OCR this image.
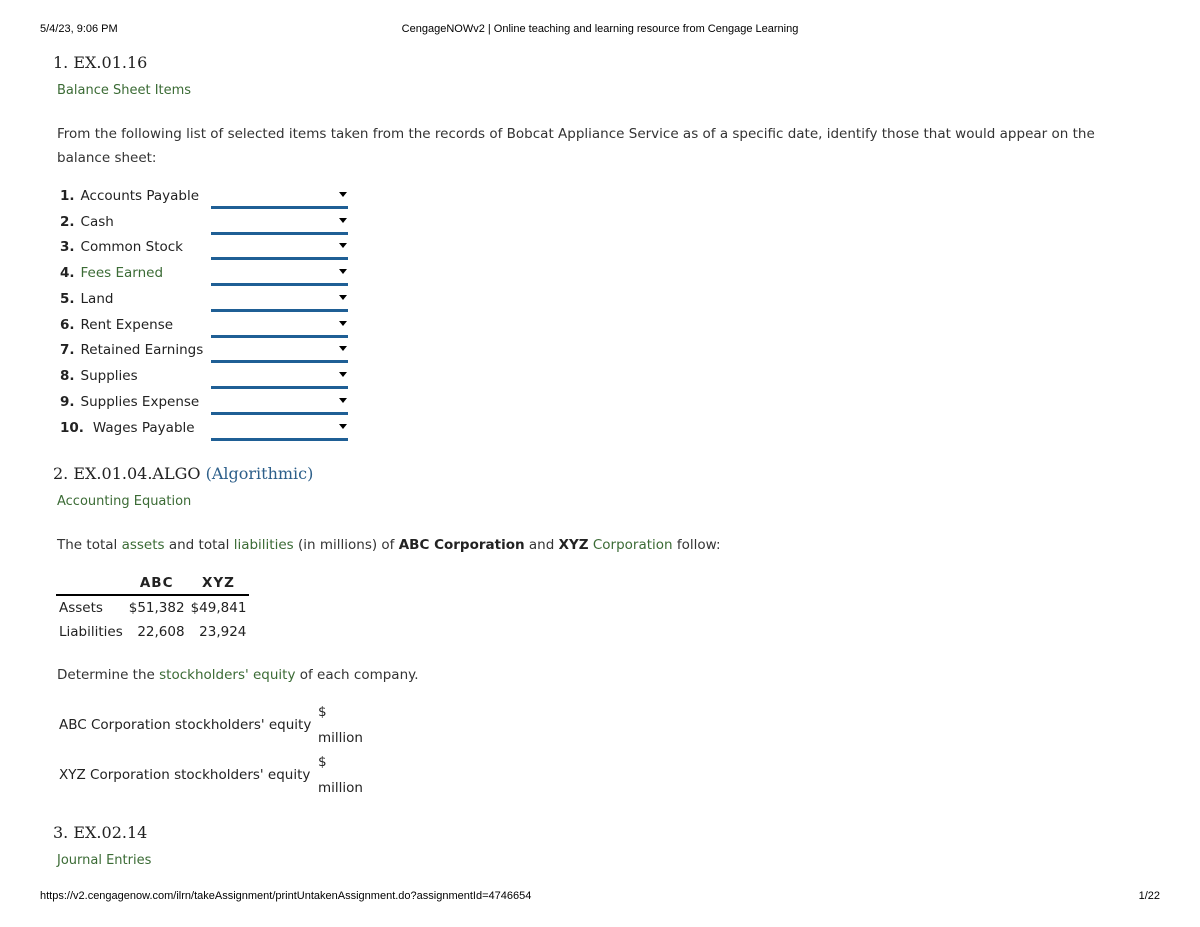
5/4/23, 9:06 PM	CengageNOWv2 | Online teaching and learning resource from Cengage Learning
1. EX.01.16
Balance Sheet Items
From the following list of selected items taken from the records of Bobcat Appliance Service as of a specific date, identify those that would appear on the balance sheet:
1. Accounts Payable
2. Cash
3. Common Stock
4. Fees Earned
5. Land
6. Rent Expense
7. Retained Earnings
8. Supplies
9. Supplies Expense
10. Wages Payable
2. EX.01.04.ALGO (Algorithmic)
Accounting Equation
The total assets and total liabilities (in millions) of ABC Corporation and XYZ Corporation follow:
	ABC	XYZ
Assets	$51,382	$49,841
Liabilities	22,608	23,924
Determine the stockholders' equity of each company.
ABC Corporation stockholders' equity
$
million
XYZ Corporation stockholders' equity
$
million
3. EX.02.14
Journal Entries
https://v2.cengagenow.com/ilrn/takeAssignment/printUntakenAssignment.do?assignmentId=4746654	1/22
